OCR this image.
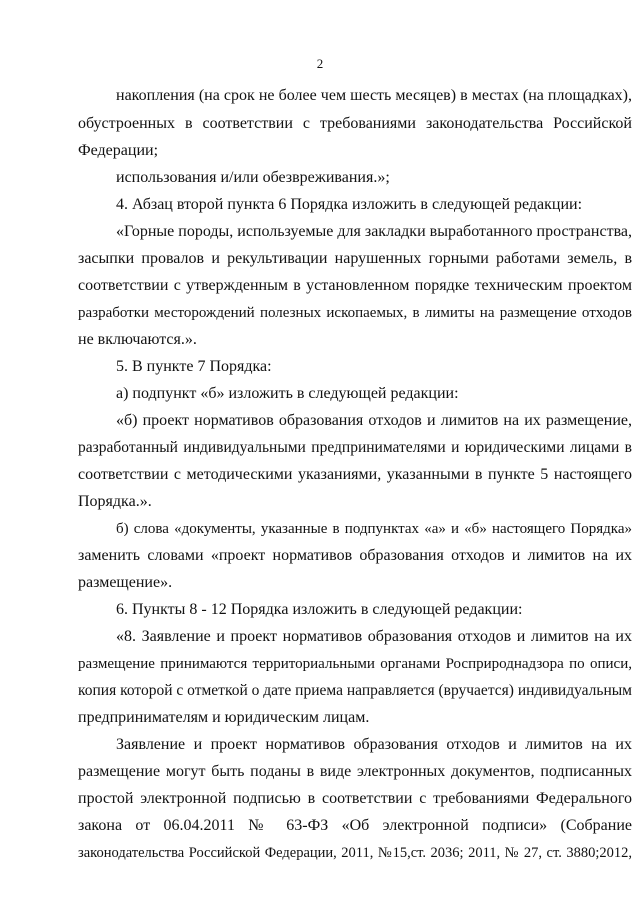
2
накопления (на срок не более чем шесть месяцев) в местах (на площадках),
обустроенных в соответствии с требованиями законодательства Российской
Федерации;
использования и/или обезвреживания.»;
4. Абзац второй пункта 6 Порядка изложить в следующей редакции:
«Горные породы, используемые для закладки выработанного пространства,
засыпки провалов и рекультивации нарушенных горными работами земель, в
соответствии с утвержденным в установленном порядке техническим проектом
разработки месторождений полезных ископаемых, в лимиты на размещение отходов
не включаются.».
5. В пункте 7 Порядка:
а) подпункт «б» изложить в следующей редакции:
«б) проект нормативов образования отходов и лимитов на их размещение,
разработанный индивидуальными предпринимателями и юридическими лицами в
соответствии с методическими указаниями, указанными в пункте 5 настоящего
Порядка.».
б) слова «документы, указанные в подпунктах «а» и «б» настоящего Порядка»
заменить словами «проект нормативов образования отходов и лимитов на их
размещение».
6. Пункты 8 - 12 Порядка изложить в следующей редакции:
«8. Заявление и проект нормативов образования отходов и лимитов на их
размещение принимаются территориальными органами Росприроднадзора по описи,
копия которой с отметкой о дате приема направляется (вручается) индивидуальным
предпринимателям и юридическим лицам.
Заявление и проект нормативов образования отходов и лимитов на их
размещение могут быть поданы в виде электронных документов, подписанных
простой электронной подписью в соответствии с требованиями Федерального
закона от 06.04.2011 № 63-ФЗ «Об электронной подписи» (Собрание
законодательства Российской Федерации, 2011, №15,ст. 2036; 2011, № 27, ст. 3880;2012,
